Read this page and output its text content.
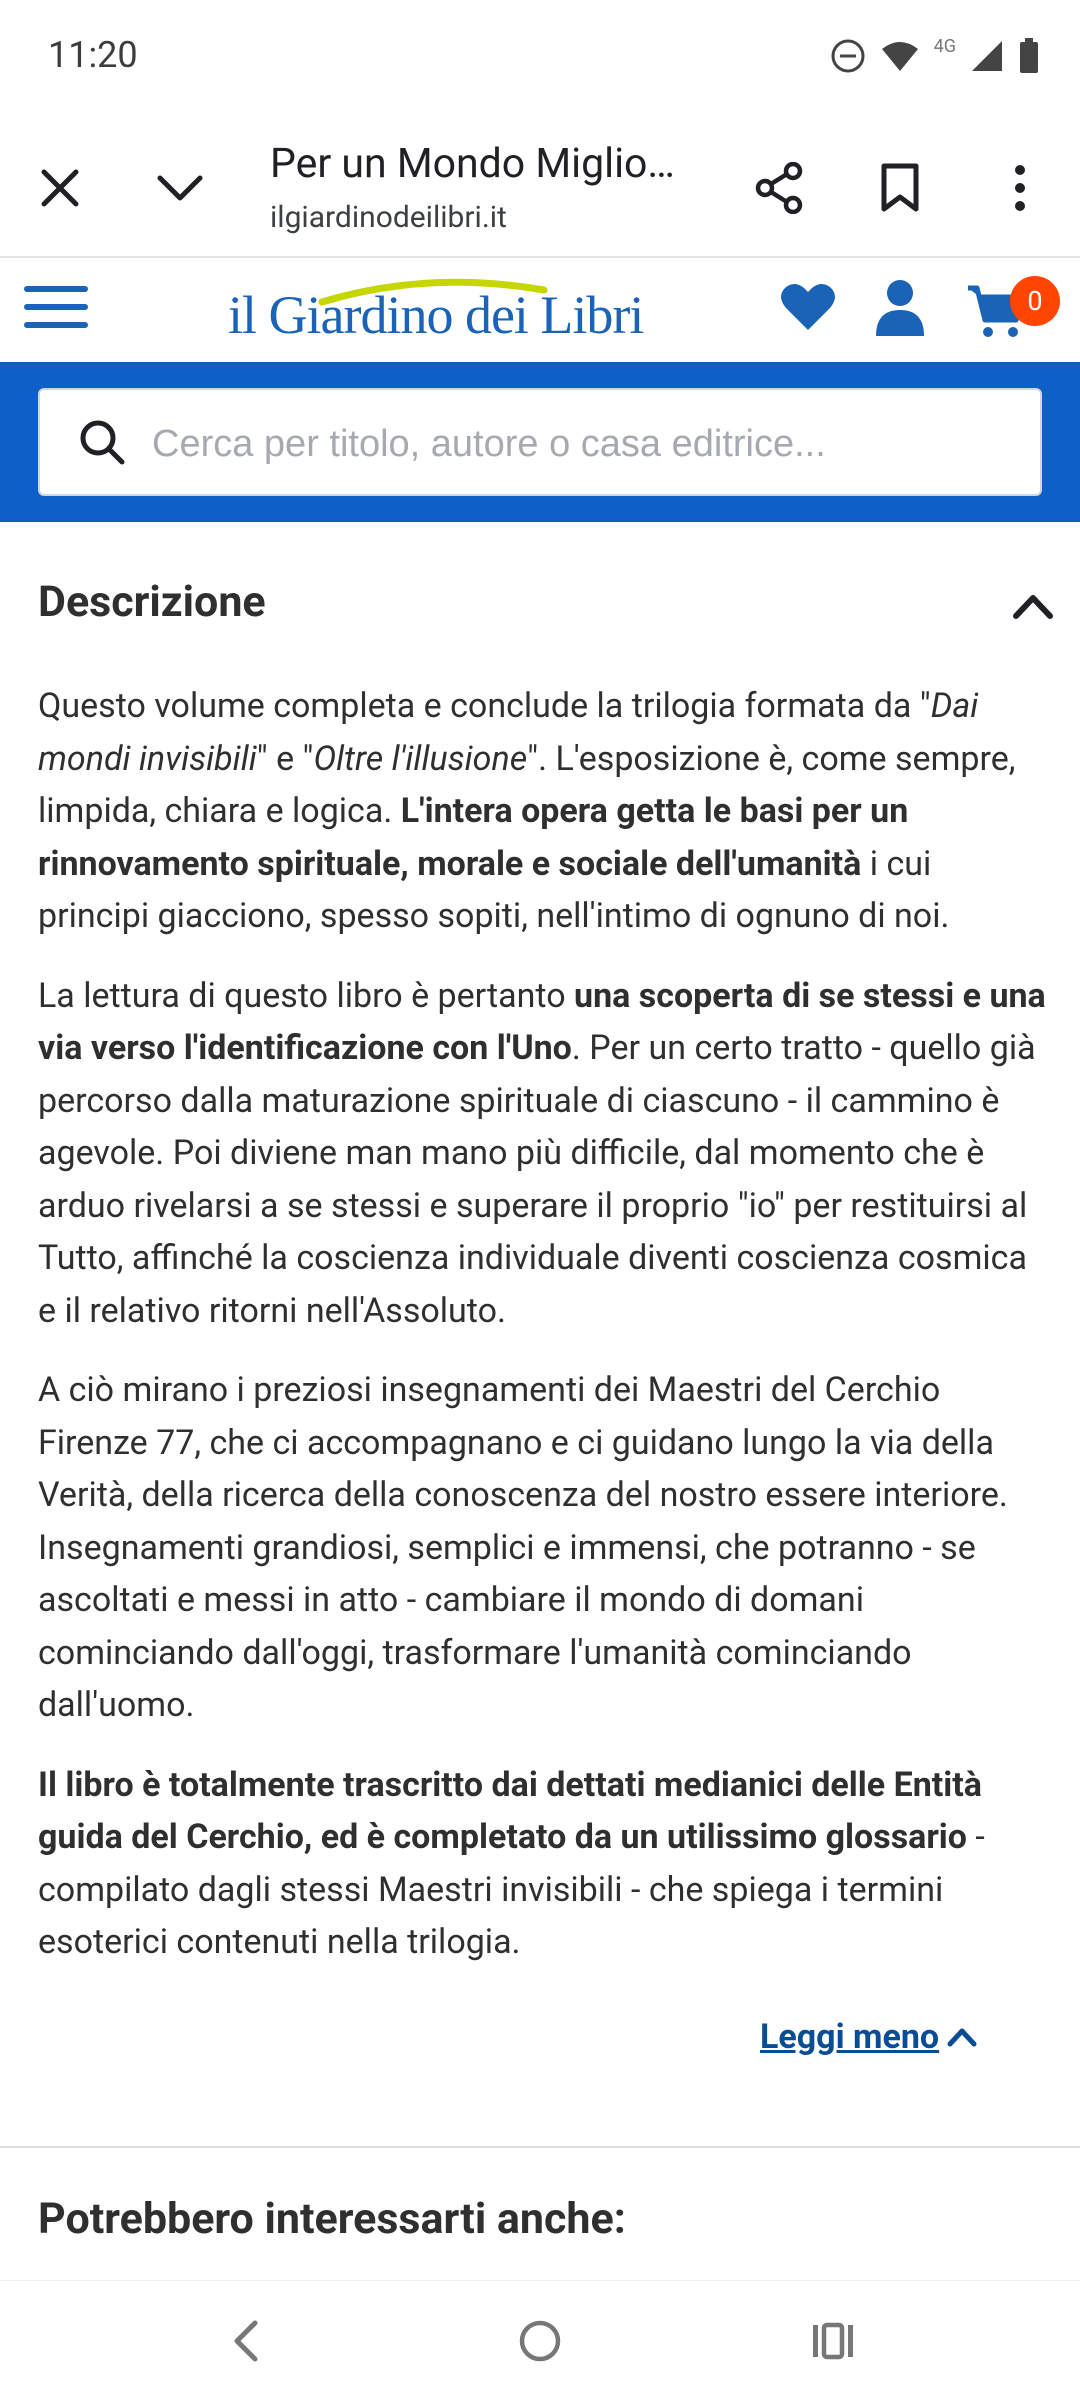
11:20	4G
Per un Mondo Miglio…
ilgiardinodeilibri.it
il Giardino dei Libri	0
Cerca per titolo, autore o casa editrice...
Descrizione

Questo volume completa e conclude la trilogia formata da "Dai mondi invisibili" e "Oltre l'illusione". L'esposizione è, come sempre, limpida, chiara e logica. L'intera opera getta le basi per un rinnovamento spirituale, morale e sociale dell'umanità i cui principi giacciono, spesso sopiti, nell'intimo di ognuno di noi.

La lettura di questo libro è pertanto una scoperta di se stessi e una via verso l'identificazione con l'Uno. Per un certo tratto - quello già percorso dalla maturazione spirituale di ciascuno - il cammino è agevole. Poi diviene man mano più difficile, dal momento che è arduo rivelarsi a se stessi e superare il proprio "io" per restituirsi al Tutto, affinché la coscienza individuale diventi coscienza cosmica e il relativo ritorni nell'Assoluto.

A ciò mirano i preziosi insegnamenti dei Maestri del Cerchio Firenze 77, che ci accompagnano e ci guidano lungo la via della Verità, della ricerca della conoscenza del nostro essere interiore. Insegnamenti grandiosi, semplici e immensi, che potranno - se ascoltati e messi in atto - cambiare il mondo di domani cominciando dall'oggi, trasformare l'umanità cominciando dall'uomo.

Il libro è totalmente trascritto dai dettati medianici delle Entità guida del Cerchio, ed è completato da un utilissimo glossario - compilato dagli stessi Maestri invisibili - che spiega i termini esoterici contenuti nella trilogia.

Leggi meno
Potrebbero interessarti anche:
